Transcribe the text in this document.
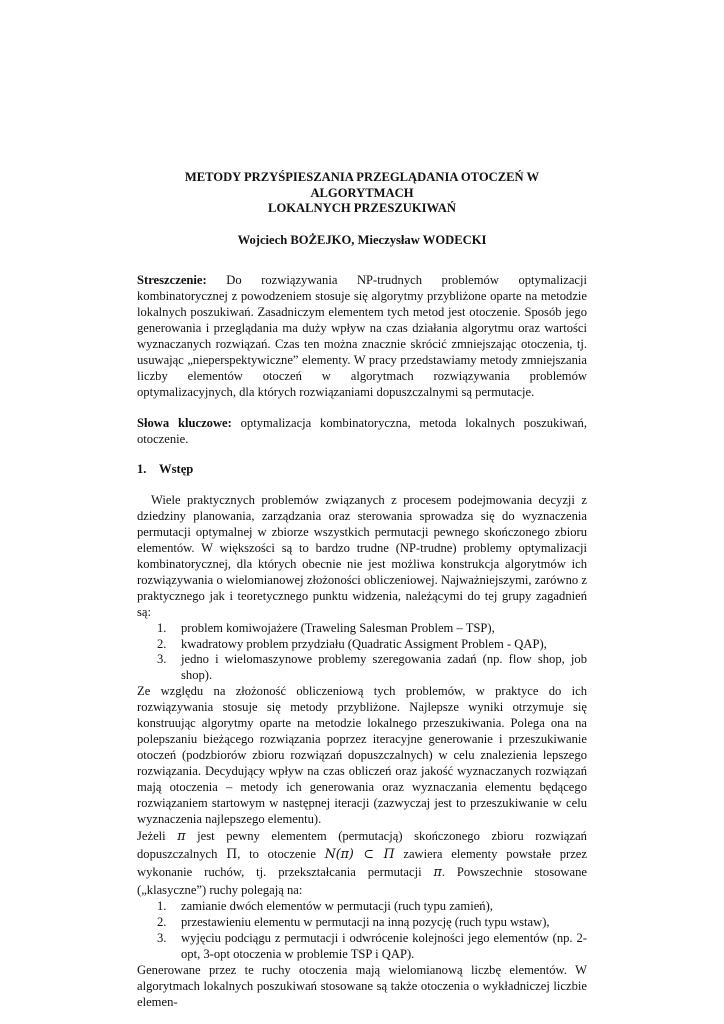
METODY PRZYŚPIESZANIA PRZEGLĄDANIA OTOCZEŃ W ALGORYTMACH
LOKALNYCH PRZESZUKIWAŃ
Wojciech BOŻEJKO, Mieczysław WODECKI
Streszczenie: Do rozwiązywania NP-trudnych problemów optymalizacji kombinatorycznej z powodzeniem stosuje się algorytmy przybliżone oparte na metodzie lokalnych poszukiwań. Zasadniczym elementem tych metod jest otoczenie. Sposób jego generowania i przeglądania ma duży wpływ na czas działania algorytmu oraz wartości wyznaczanych rozwiązań. Czas ten można znacznie skrócić zmniejszając otoczenia, tj. usuwając „nieperspektywiczne” elementy. W pracy przedstawiamy metody zmniejszania liczby elementów otoczeń w algorytmach rozwiązywania problemów optymalizacyjnych, dla których rozwiązaniami dopuszczalnymi są permutacje.
Słowa kluczowe: optymalizacja kombinatoryczna, metoda lokalnych poszukiwań, otoczenie.
1. Wstęp
Wiele praktycznych problemów związanych z procesem podejmowania decyzji z dziedziny planowania, zarządzania oraz sterowania sprowadza się do wyznaczenia permutacji optymalnej w zbiorze wszystkich permutacji pewnego skończonego zbioru elementów. W większości są to bardzo trudne (NP-trudne) problemy optymalizacji kombinatorycznej, dla których obecnie nie jest możliwa konstrukcja algorytmów ich rozwiązywania o wielomianowej złożoności obliczeniowej. Najważniejszymi, zarówno z praktycznego jak i teoretycznego punktu widzenia, należącymi do tej grupy zagadnień są:
1.	problem komiwojażere (Traweling Salesman Problem – TSP),
2.	kwadratowy problem przydziału (Quadratic Assigment Problem - QAP),
3.	jedno i wielomaszynowe problemy szeregowania zadań (np. flow shop, job shop).
Ze względu na złożoność obliczeniową tych problemów, w praktyce do ich rozwiązywania stosuje się metody przybliżone. Najlepsze wyniki otrzymuje się konstruując algorytmy oparte na metodzie lokalnego przeszukiwania. Polega ona na polepszaniu bieżącego rozwiązania poprzez iteracyjne generowanie i przeszukiwanie otoczeń (podzbiorów zbioru rozwiązań dopuszczalnych) w celu znalezienia lepszego rozwiązania. Decydujący wpływ na czas obliczeń oraz jakość wyznaczanych rozwiązań mają otoczenia – metody ich generowania oraz wyznaczania elementu będącego rozwiązaniem startowym w następnej iteracji (zazwyczaj jest to przeszukiwanie w celu wyznaczenia najlepszego elementu).
Jeżeli π jest pewny elementem (permutacją) skończonego zbioru rozwiązań dopuszczalnych Π, to otoczenie N(π) ⊂ Π zawiera elementy powstałe przez wykonanie ruchów, tj. przekształcania permutacji π. Powszechnie stosowane („klasyczne”) ruchy polegają na:
1.	zamianie dwóch elementów w permutacji (ruch typu zamień),
2.	przestawieniu elementu w permutacji na inną pozycję (ruch typu wstaw),
3.	wyjęciu podciągu z permutacji i odwrócenie kolejności jego elementów (np. 2-opt, 3-opt otoczenia w problemie TSP i QAP).
Generowane przez te ruchy otoczenia mają wielomianową liczbę elementów. W algorytmach lokalnych poszukiwań stosowane są także otoczenia o wykładniczej liczbie elemen-
